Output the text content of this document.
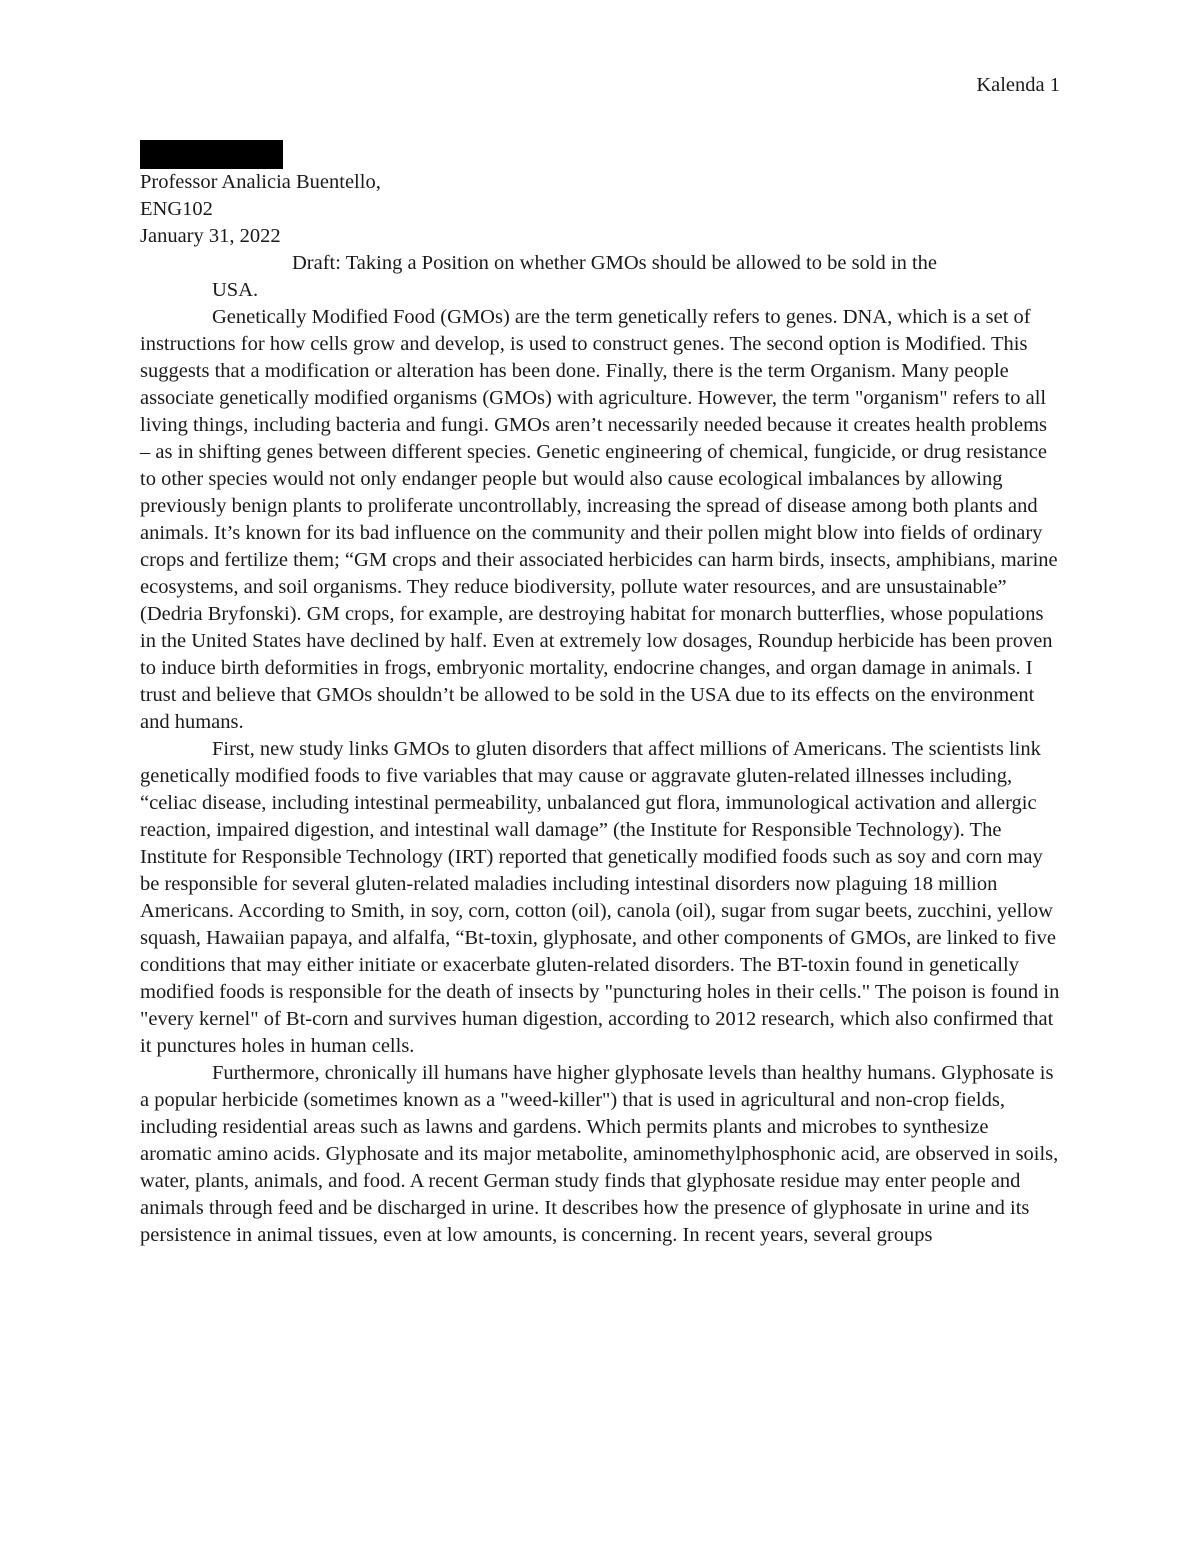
Kalenda 1
Professor Analicia Buentello,
ENG102
January 31, 2022
Draft: Taking a Position on whether GMOs should be allowed to be sold in the
USA.

Genetically Modified Food (GMOs) are the term genetically refers to genes. DNA, which is a set of instructions for how cells grow and develop, is used to construct genes. The second option is Modified. This suggests that a modification or alteration has been done. Finally, there is the term Organism. Many people associate genetically modified organisms (GMOs) with agriculture. However, the term "organism" refers to all living things, including bacteria and fungi. GMOs aren’t necessarily needed because it creates health problems – as in shifting genes between different species. Genetic engineering of chemical, fungicide, or drug resistance to other species would not only endanger people but would also cause ecological imbalances by allowing previously benign plants to proliferate uncontrollably, increasing the spread of disease among both plants and animals. It’s known for its bad influence on the community and their pollen might blow into fields of ordinary crops and fertilize them; “GM crops and their associated herbicides can harm birds, insects, amphibians, marine ecosystems, and soil organisms. They reduce biodiversity, pollute water resources, and are unsustainable” (Dedria Bryfonski). GM crops, for example, are destroying habitat for monarch butterflies, whose populations in the United States have declined by half. Even at extremely low dosages, Roundup herbicide has been proven to induce birth deformities in frogs, embryonic mortality, endocrine changes, and organ damage in animals. I trust and believe that GMOs shouldn’t be allowed to be sold in the USA due to its effects on the environment and humans.

First, new study links GMOs to gluten disorders that affect millions of Americans. The scientists link genetically modified foods to five variables that may cause or aggravate gluten-related illnesses including, “celiac disease, including intestinal permeability, unbalanced gut flora, immunological activation and allergic reaction, impaired digestion, and intestinal wall damage” (the Institute for Responsible Technology). The Institute for Responsible Technology (IRT) reported that genetically modified foods such as soy and corn may be responsible for several gluten-related maladies including intestinal disorders now plaguing 18 million Americans. According to Smith, in soy, corn, cotton (oil), canola (oil), sugar from sugar beets, zucchini, yellow squash, Hawaiian papaya, and alfalfa, “Bt-toxin, glyphosate, and other components of GMOs, are linked to five conditions that may either initiate or exacerbate gluten-related disorders. The BT-toxin found in genetically modified foods is responsible for the death of insects by "puncturing holes in their cells." The poison is found in "every kernel" of Bt-corn and survives human digestion, according to 2012 research, which also confirmed that it punctures holes in human cells.

Furthermore, chronically ill humans have higher glyphosate levels than healthy humans. Glyphosate is a popular herbicide (sometimes known as a "weed-killer") that is used in agricultural and non-crop fields, including residential areas such as lawns and gardens. Which permits plants and microbes to synthesize aromatic amino acids. Glyphosate and its major metabolite, aminomethylphosphonic acid, are observed in soils, water, plants, animals, and food. A recent German study finds that glyphosate residue may enter people and animals through feed and be discharged in urine. It describes how the presence of glyphosate in urine and its persistence in animal tissues, even at low amounts, is concerning. In recent years, several groups
